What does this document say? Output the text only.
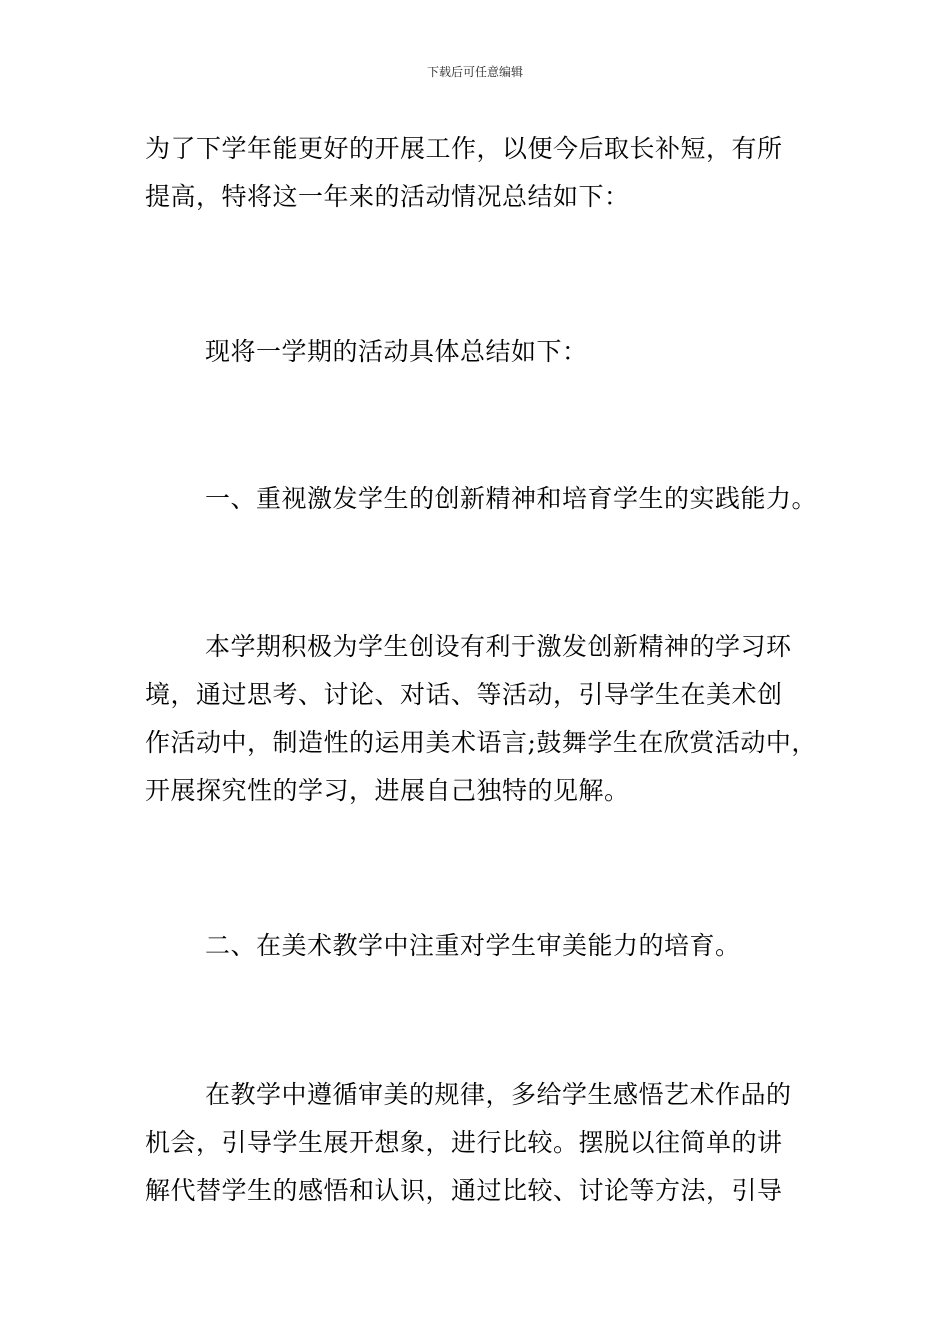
下载后可任意编辑

为了下学年能更好的开展工作，以便今后取长补短，有所
提高，特将这一年来的活动情况总结如下：

现将一学期的活动具体总结如下：

一、重视激发学生的创新精神和培育学生的实践能力。

本学期积极为学生创设有利于激发创新精神的学习环
境，通过思考、讨论、对话、等活动，引导学生在美术创
作活动中，制造性的运用美术语言;鼓舞学生在欣赏活动中，
开展探究性的学习，进展自己独特的见解。

二、在美术教学中注重对学生审美能力的培育。

在教学中遵循审美的规律，多给学生感悟艺术作品的
机会，引导学生展开想象，进行比较。摆脱以往简单的讲
解代替学生的感悟和认识，通过比较、讨论等方法，引导
